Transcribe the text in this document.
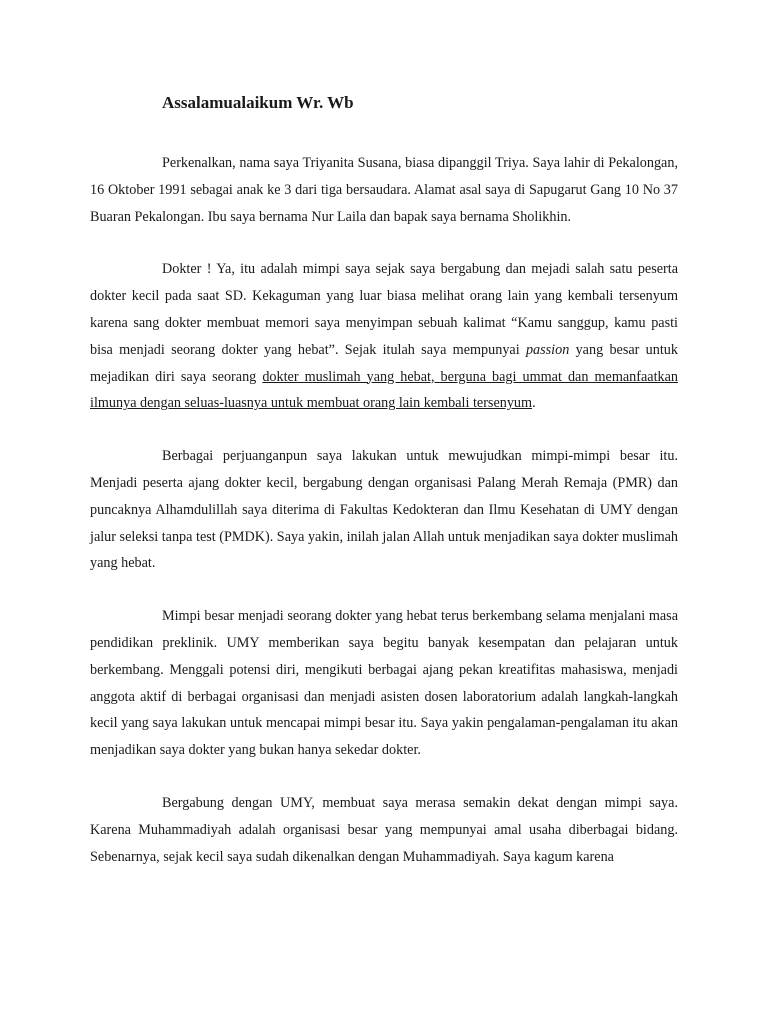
Assalamualaikum Wr. Wb

Perkenalkan, nama saya Triyanita Susana, biasa dipanggil Triya. Saya lahir di Pekalongan, 16 Oktober 1991 sebagai anak ke 3 dari tiga bersaudara. Alamat asal saya di Sapugarut Gang 10 No 37 Buaran Pekalongan. Ibu saya bernama Nur Laila dan bapak saya bernama Sholikhin.

Dokter ! Ya, itu adalah mimpi saya sejak saya bergabung dan mejadi salah satu peserta dokter kecil pada saat SD. Kekaguman yang luar biasa melihat orang lain yang kembali tersenyum karena sang dokter membuat memori saya menyimpan sebuah kalimat “Kamu sanggup, kamu pasti bisa menjadi seorang dokter yang hebat”. Sejak itulah saya mempunyai passion yang besar untuk mejadikan diri saya seorang dokter muslimah yang hebat, berguna bagi ummat dan memanfaatkan ilmunya dengan seluas-luasnya untuk membuat orang lain kembali tersenyum.

Berbagai perjuanganpun saya lakukan untuk mewujudkan mimpi-mimpi besar itu. Menjadi peserta ajang dokter kecil, bergabung dengan organisasi Palang Merah Remaja (PMR) dan puncaknya Alhamdulillah saya diterima di Fakultas Kedokteran dan Ilmu Kesehatan di UMY dengan jalur seleksi tanpa test (PMDK). Saya yakin, inilah jalan Allah untuk menjadikan saya dokter muslimah yang hebat.

Mimpi besar menjadi seorang dokter yang hebat terus berkembang selama menjalani masa pendidikan preklinik. UMY memberikan saya begitu banyak kesempatan dan pelajaran untuk berkembang. Menggali potensi diri, mengikuti berbagai ajang pekan kreatifitas mahasiswa, menjadi anggota aktif di berbagai organisasi dan menjadi asisten dosen laboratorium adalah langkah-langkah kecil yang saya lakukan untuk mencapai mimpi besar itu. Saya yakin pengalaman-pengalaman itu akan menjadikan saya dokter yang bukan hanya sekedar dokter.

Bergabung dengan UMY, membuat saya merasa semakin dekat dengan mimpi saya. Karena Muhammadiyah adalah organisasi besar yang mempunyai amal usaha diberbagai bidang. Sebenarnya, sejak kecil saya sudah dikenalkan dengan Muhammadiyah. Saya kagum karena
